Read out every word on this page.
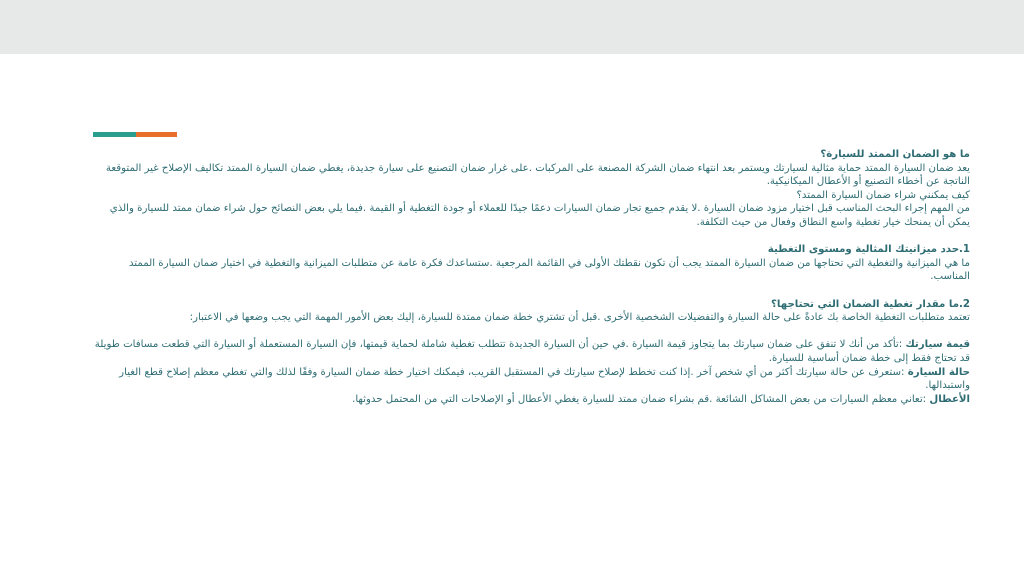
ما هو الضمان الممتد للسيارة؟

يعد ضمان السيارة الممتد حماية مثالية لسيارتك ويستمر بعد انتهاء ضمان الشركة المصنعة على المركبات .على غرار ضمان التصنيع على سيارة جديدة، يغطي ضمان السيارة الممتد تكاليف الإصلاح غير المتوقعة الناتجة عن أخطاء التصنيع أو الأعطال الميكانيكية.

كيف يمكنني شراء ضمان السيارة الممتد؟

من المهم إجراء البحث المناسب قبل اختيار مزود ضمان السيارة .لا يقدم جميع تجار ضمان السيارات دعمًا جيدًا للعملاء أو جودة التغطية أو القيمة .فيما يلي بعض النصائح حول شراء ضمان ممتد للسيارة والذي يمكن أن يمنحك خيار تغطية واسع النطاق وفعال من حيث التكلفة.

1.حدد ميزانيتك المثالية ومستوى التغطية

ما هي الميزانية والتغطية التي تحتاجها من ضمان السيارة الممتد يجب أن تكون نقطتك الأولى في القائمة المرجعية .ستساعدك فكرة عامة عن متطلبات الميزانية والتغطية في اختيار ضمان السيارة الممتد المناسب.

2.ما مقدار تغطية الضمان التي تحتاجها؟

تعتمد متطلبات التغطية الخاصة بك عادةً على حالة السيارة والتفضيلات الشخصية الأخرى .قبل أن تشتري خطة ضمان ممتدة للسيارة، إليك بعض الأمور المهمة التي يجب وضعها في الاعتبار:

قيمة سيارتك :تأكد من أنك لا تنفق على ضمان سيارتك بما يتجاوز قيمة السيارة .في حين أن السيارة الجديدة تتطلب تغطية شاملة لحماية قيمتها، فإن السيارة المستعملة أو السيارة التي قطعت مسافات طويلة قد تحتاج فقط إلى خطة ضمان أساسية للسيارة.

حالة السيارة :ستعرف عن حالة سيارتك أكثر من أي شخص آخر .إذا كنت تخطط لإصلاح سيارتك في المستقبل القريب، فيمكنك اختيار خطة ضمان السيارة وفقًا لذلك والتي تغطي معظم إصلاح قطع الغيار واستبدالها.

الأعطال :تعاني معظم السيارات من بعض المشاكل الشائعة .قم بشراء ضمان ممتد للسيارة يغطي الأعطال أو الإصلاحات التي من المحتمل حدوثها.
